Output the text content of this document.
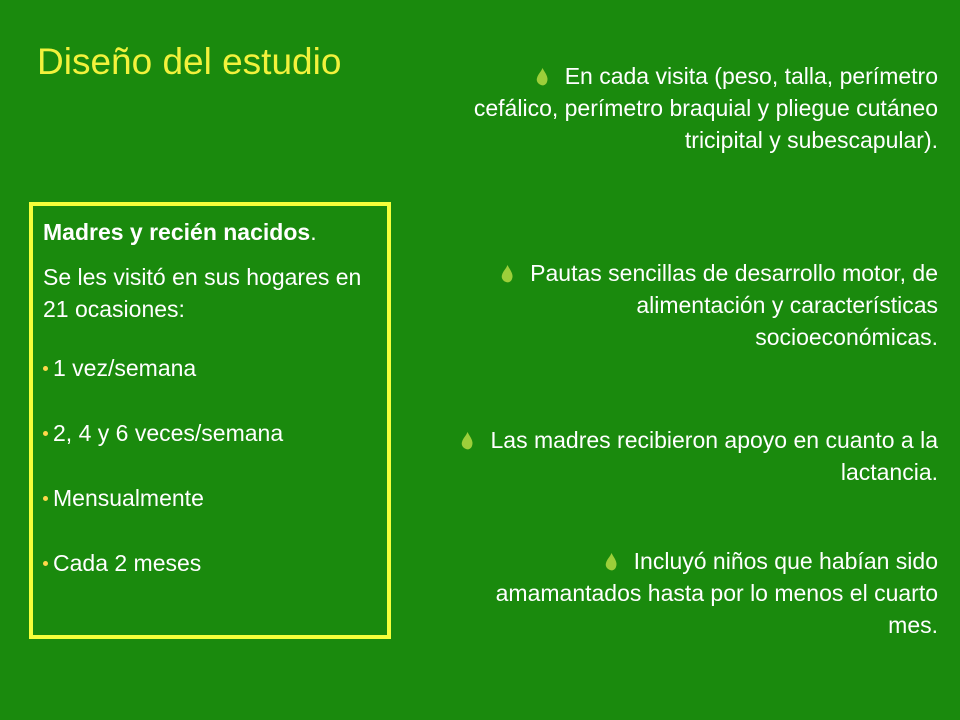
Diseño del estudio

Madres y recién nacidos.

Se les visitó en sus hogares en 21 ocasiones:

1 vez/semana
2, 4 y 6 veces/semana
Mensualmente
Cada 2 meses
En cada visita (peso, talla, perímetro cefálico, perímetro braquial y pliegue cutáneo tricipital y subescapular).
Pautas sencillas de desarrollo motor, de alimentación y características socioeconómicas.
Las madres recibieron apoyo en cuanto a la lactancia.
Incluyó niños que habían sido amamantados hasta por lo menos el cuarto mes.
